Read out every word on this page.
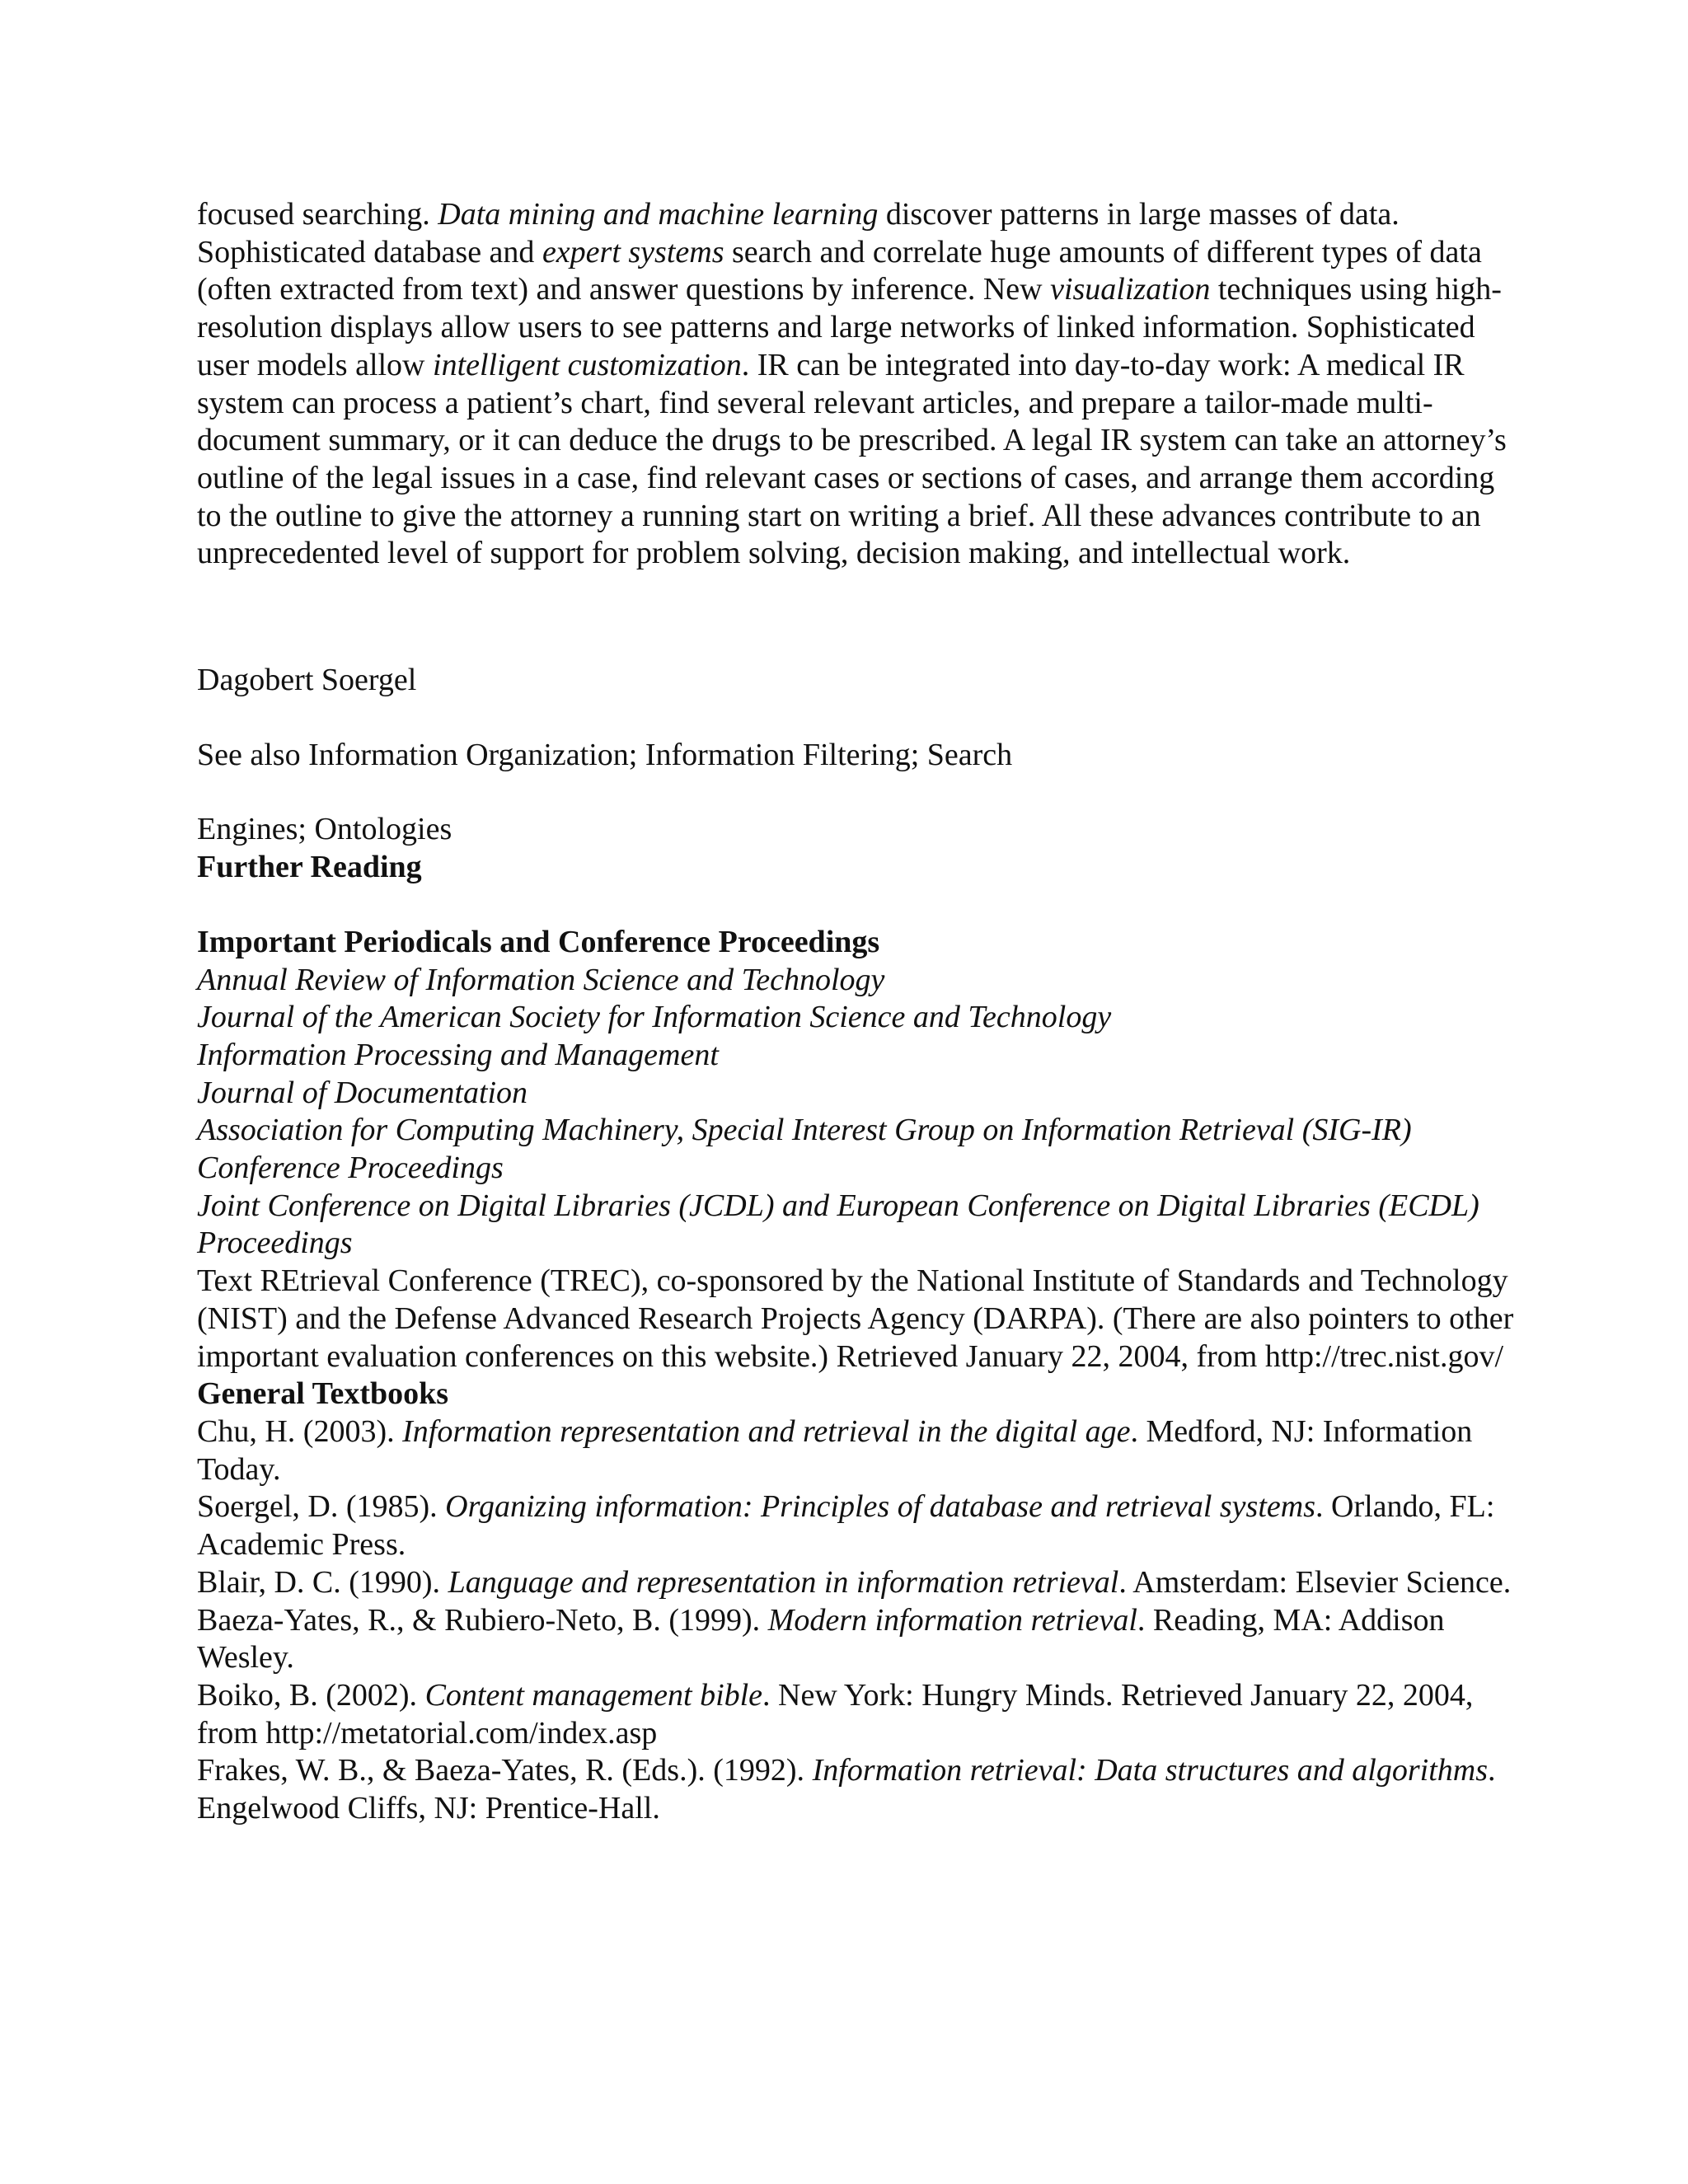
focused searching. Data mining and machine learning discover patterns in large masses of data. Sophisticated database and expert systems search and correlate huge amounts of different types of data (often extracted from text) and answer questions by inference. New visualization techniques using high-resolution displays allow users to see patterns and large networks of linked information. Sophisticated user models allow intelligent customization. IR can be integrated into day-to-day work: A medical IR system can process a patient’s chart, find several relevant articles, and prepare a tailor-made multi-document summary, or it can deduce the drugs to be prescribed. A legal IR system can take an attorney’s outline of the legal issues in a case, find relevant cases or sections of cases, and arrange them according to the outline to give the attorney a running start on writing a brief. All these advances contribute to an unprecedented level of support for problem solving, decision making, and intellectual work.

Dagobert Soergel

See also Information Organization; Information Filtering; Search

Engines; Ontologies

Further Reading

Important Periodicals and Conference Proceedings

Annual Review of Information Science and Technology

Journal of the American Society for Information Science and Technology

Information Processing and Management

Journal of Documentation

Association for Computing Machinery, Special Interest Group on Information Retrieval (SIG-IR) Conference Proceedings

Joint Conference on Digital Libraries (JCDL) and European Conference on Digital Libraries (ECDL) Proceedings

Text REtrieval Conference (TREC), co-sponsored by the National Institute of Standards and Technology (NIST) and the Defense Advanced Research Projects Agency (DARPA). (There are also pointers to other important evaluation conferences on this website.) Retrieved January 22, 2004, from http://trec.nist.gov/

General Textbooks

Chu, H. (2003). Information representation and retrieval in the digital age. Medford, NJ: Information Today.

Soergel, D. (1985). Organizing information: Principles of database and retrieval systems. Orlando, FL: Academic Press.

Blair, D. C. (1990). Language and representation in information retrieval. Amsterdam: Elsevier Science.

Baeza-Yates, R., & Rubiero-Neto, B. (1999). Modern information retrieval. Reading, MA: Addison Wesley.

Boiko, B. (2002). Content management bible. New York: Hungry Minds. Retrieved January 22, 2004, from http://metatorial.com/index.asp

Frakes, W. B., & Baeza-Yates, R. (Eds.). (1992). Information retrieval: Data structures and algorithms. Engelwood Cliffs, NJ: Prentice-Hall.
